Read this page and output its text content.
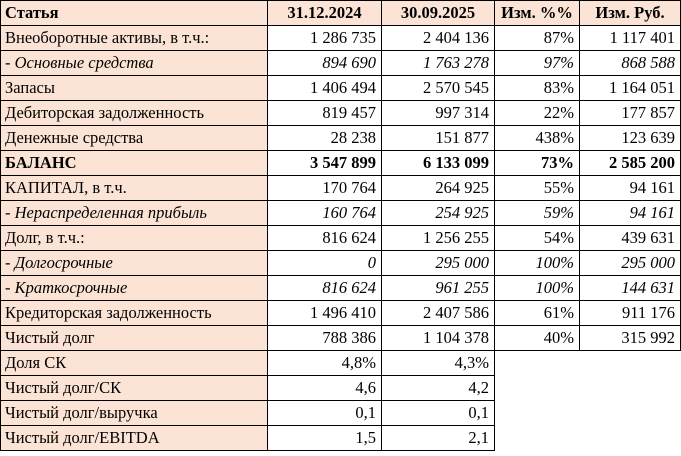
Статья	31.12.2024	30.09.2025	Изм. %%	Изм. Руб.
Внеоборотные активы, в т.ч.:	1 286 735	2 404 136	87%	1 117 401
- Основные средства	894 690	1 763 278	97%	868 588
Запасы	1 406 494	2 570 545	83%	1 164 051
Дебиторская задолженность	819 457	997 314	22%	177 857
Денежные средства	28 238	151 877	438%	123 639
БАЛАНС	3 547 899	6 133 099	73%	2 585 200
КАПИТАЛ, в т.ч.	170 764	264 925	55%	94 161
- Нераспределенная прибыль	160 764	254 925	59%	94 161
Долг, в т.ч.:	816 624	1 256 255	54%	439 631
- Долгосрочные	0	295 000	100%	295 000
- Краткосрочные	816 624	961 255	100%	144 631
Кредиторская задолженность	1 496 410	2 407 586	61%	911 176
Чистый долг	788 386	1 104 378	40%	315 992
Доля СК	4,8%	4,3%		
Чистый долг/СК	4,6	4,2		
Чистый долг/выручка	0,1	0,1		
Чистый долг/EBITDA	1,5	2,1		
